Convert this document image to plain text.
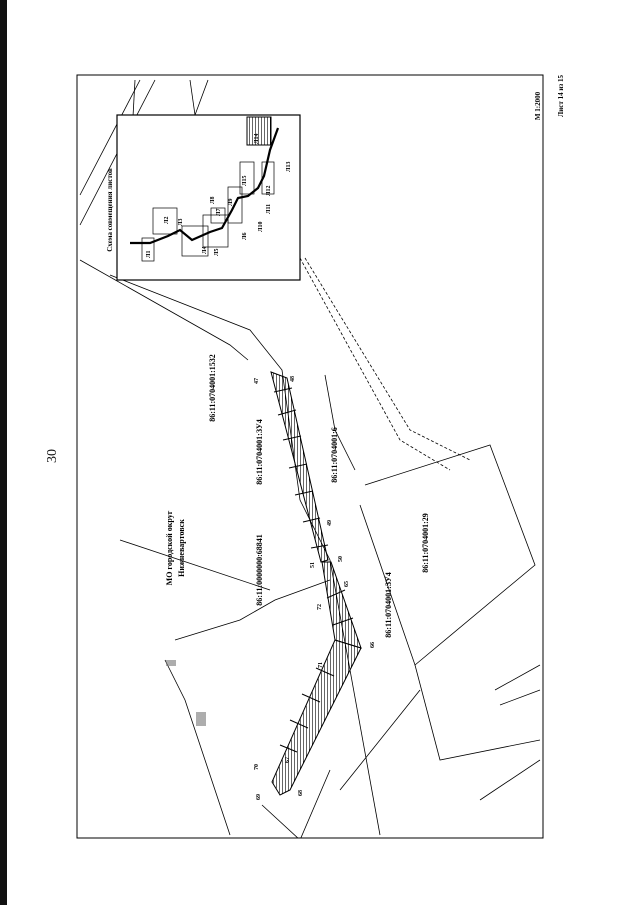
30
47	48
49
50
51
65
66
67
68
69
70
71
72
86:11:0704001:1532
86:11:0704001:ЗУ4	86:11:0704001:6
86:11:0704001:29
86:11:0704001:ЗУ4
86:11:0000000:68841
МО городской округ Нижневартовск
Лист 14 из 15
М 1:2000
Схема совмещения листов
Л1
Л2 Л3
Л4 Л5
Л6
Л7
Л8 Л9
Л10
Л11
Л12
Л13
Л14
Л15
